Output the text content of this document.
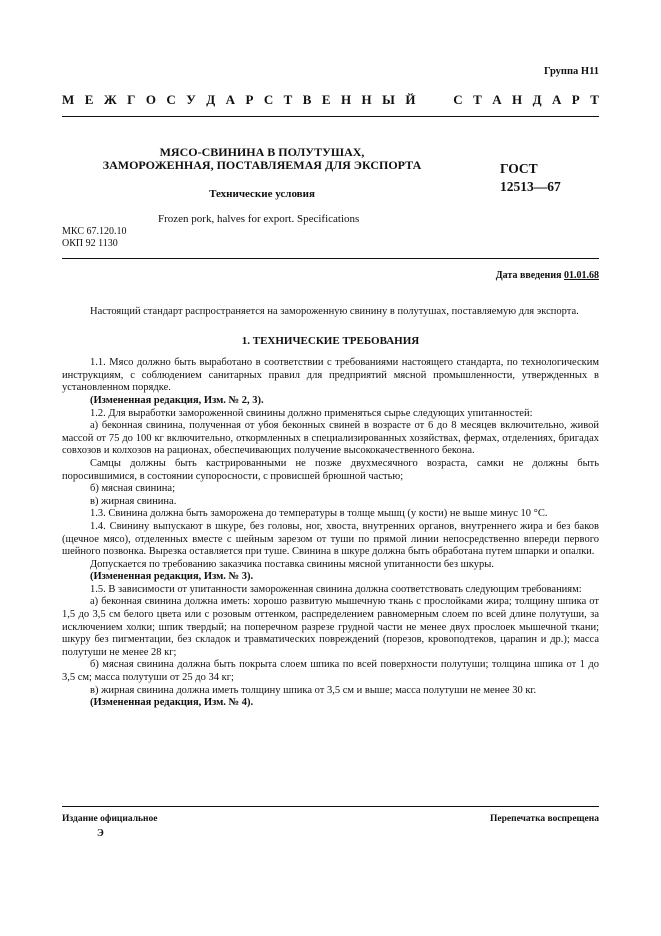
Группа Н11
М Е Ж Г О С У Д А Р С Т В Е Н Н Ы Й

	С Т А Н Д А Р Т
МЯСО-СВИНИНА В ПОЛУТУШАХ,
ЗАМОРОЖЕННАЯ, ПОСТАВЛЯЕМАЯ ДЛЯ ЭКСПОРТА
Технические условия
Frozen pork, halves for export. Specifications
ГОСТ
12513—67
МКС 67.120.10
ОКП 92 1130
Дата введения 01.01.68

Настоящий стандарт распространяется на замороженную свинину в полутушах, поставляемую для экспорта.

1. ТЕХНИЧЕСКИЕ ТРЕБОВАНИЯ

1.1. Мясо должно быть выработано в соответствии с требованиями настоящего стандарта, по технологическим инструкциям, с соблюдением санитарных правил для предприятий мясной промышленности, утвержденных в установленном порядке.

(Измененная редакция, Изм. № 2, 3).

1.2. Для выработки замороженной свинины должно применяться сырье следующих упитанностей:

а) беконная свинина, полученная от убоя беконных свиней в возрасте от 6 до 8 месяцев включительно, живой массой от 75 до 100 кг включительно, откормленных в специализированных хозяйствах, фермах, отделениях, бригадах совхозов и колхозов на рационах, обеспечивающих получение высококачественного бекона.

Самцы должны быть кастрированными не позже двухмесячного возраста, самки не должны быть поросившимися, в состоянии супоросности, с провисшей брюшной частью;

б) мясная свинина;

в) жирная свинина.

1.3. Свинина должна быть заморожена до температуры в толще мышц (у кости) не выше минус 10 °С.

1.4. Свинину выпускают в шкуре, без головы, ног, хвоста, внутренних органов, внутреннего жира и без баков (щечное мясо), отделенных вместе с шейным зарезом от туши по прямой линии непосредственно впереди первого шейного позвонка. Вырезка оставляется при туше. Свинина в шкуре должна быть обработана путем шпарки и опалки.

Допускается по требованию заказчика поставка свинины мясной упитанности без шкуры.

(Измененная редакция, Изм. № 3).

1.5. В зависимости от упитанности замороженная свинина должна соответствовать следующим требованиям:

а) беконная свинина должна иметь: хорошо развитую мышечную ткань с прослойками жира; толщину шпика от 1,5 до 3,5 см белого цвета или с розовым оттенком, распределением равномерным слоем по всей длине полутуши, за исключением холки; шпик твердый; на поперечном разрезе грудной части не менее двух прослоек мышечной ткани; шкуру без пигментации, без складок и травматических повреждений (порезов, кровоподтеков, царапин и др.); масса полутуши не менее 28 кг;

б) мясная свинина должна быть покрыта слоем шпика по всей поверхности полутуши; толщина шпика от 1 до 3,5 см; масса полутуши от 25 до 34 кг;

в) жирная свинина должна иметь толщину шпика от 3,5 см и выше; масса полутуши не менее 30 кг.

(Измененная редакция, Изм. № 4).

Издание официальное	Перепечатка воспрещена
Э
